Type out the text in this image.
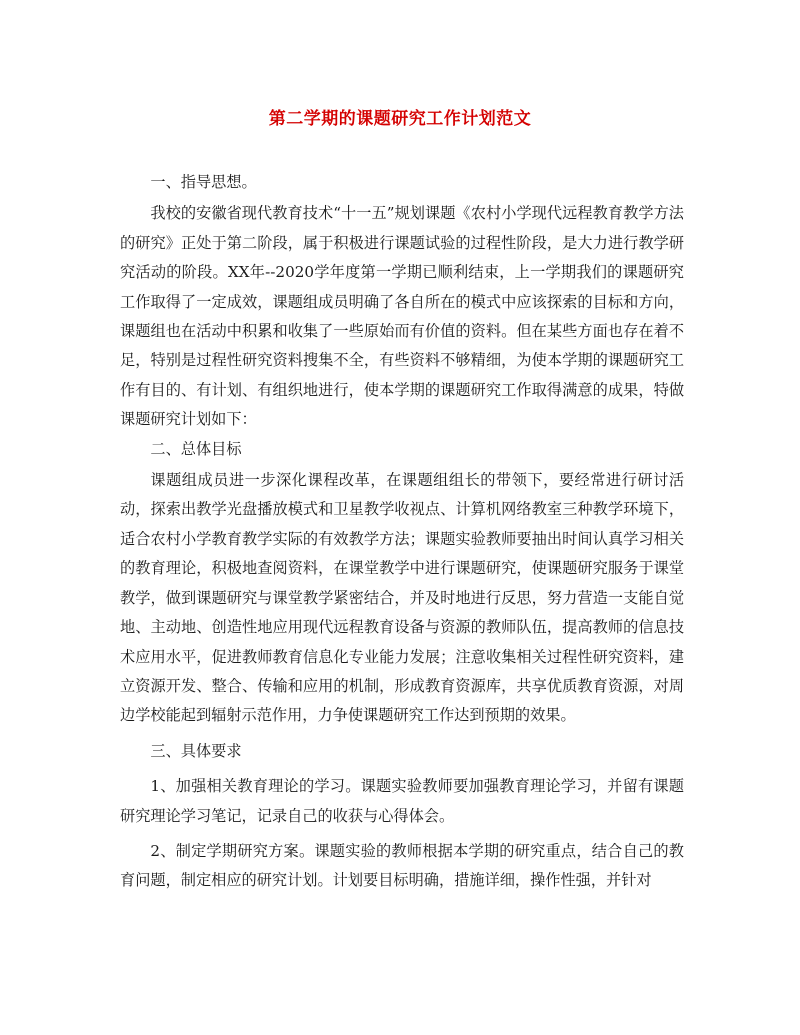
第二学期的课题研究工作计划范文

一、指导思想。

我校的安徽省现代教育技术“十一五”规划课题《农村小学现代远程教育教学方法的研究》正处于第二阶段，属于积极进行课题试验的过程性阶段，是大力进行教学研究活动的阶段。XX年--2020学年度第一学期已顺利结束，上一学期我们的课题研究工作取得了一定成效，课题组成员明确了各自所在的模式中应该探索的目标和方向，课题组也在活动中积累和收集了一些原始而有价值的资料。但在某些方面也存在着不足，特别是过程性研究资料搜集不全，有些资料不够精细，为使本学期的课题研究工作有目的、有计划、有组织地进行，使本学期的课题研究工作取得满意的成果，特做课题研究计划如下：

二、总体目标

课题组成员进一步深化课程改革，在课题组组长的带领下，要经常进行研讨活动，探索出教学光盘播放模式和卫星教学收视点、计算机网络教室三种教学环境下，适合农村小学教育教学实际的有效教学方法；课题实验教师要抽出时间认真学习相关的教育理论，积极地查阅资料，在课堂教学中进行课题研究，使课题研究服务于课堂教学，做到课题研究与课堂教学紧密结合，并及时地进行反思，努力营造一支能自觉地、主动地、创造性地应用现代远程教育设备与资源的教师队伍，提高教师的信息技术应用水平，促进教师教育信息化专业能力发展；注意收集相关过程性研究资料，建立资源开发、整合、传输和应用的机制，形成教育资源库，共享优质教育资源，对周边学校能起到辐射示范作用，力争使课题研究工作达到预期的效果。

三、具体要求

1、加强相关教育理论的学习。课题实验教师要加强教育理论学习，并留有课题研究理论学习笔记，记录自己的收获与心得体会。

2、制定学期研究方案。课题实验的教师根据本学期的研究重点，结合自己的教育问题，制定相应的研究计划。计划要目标明确，措施详细，操作性强，并针对
